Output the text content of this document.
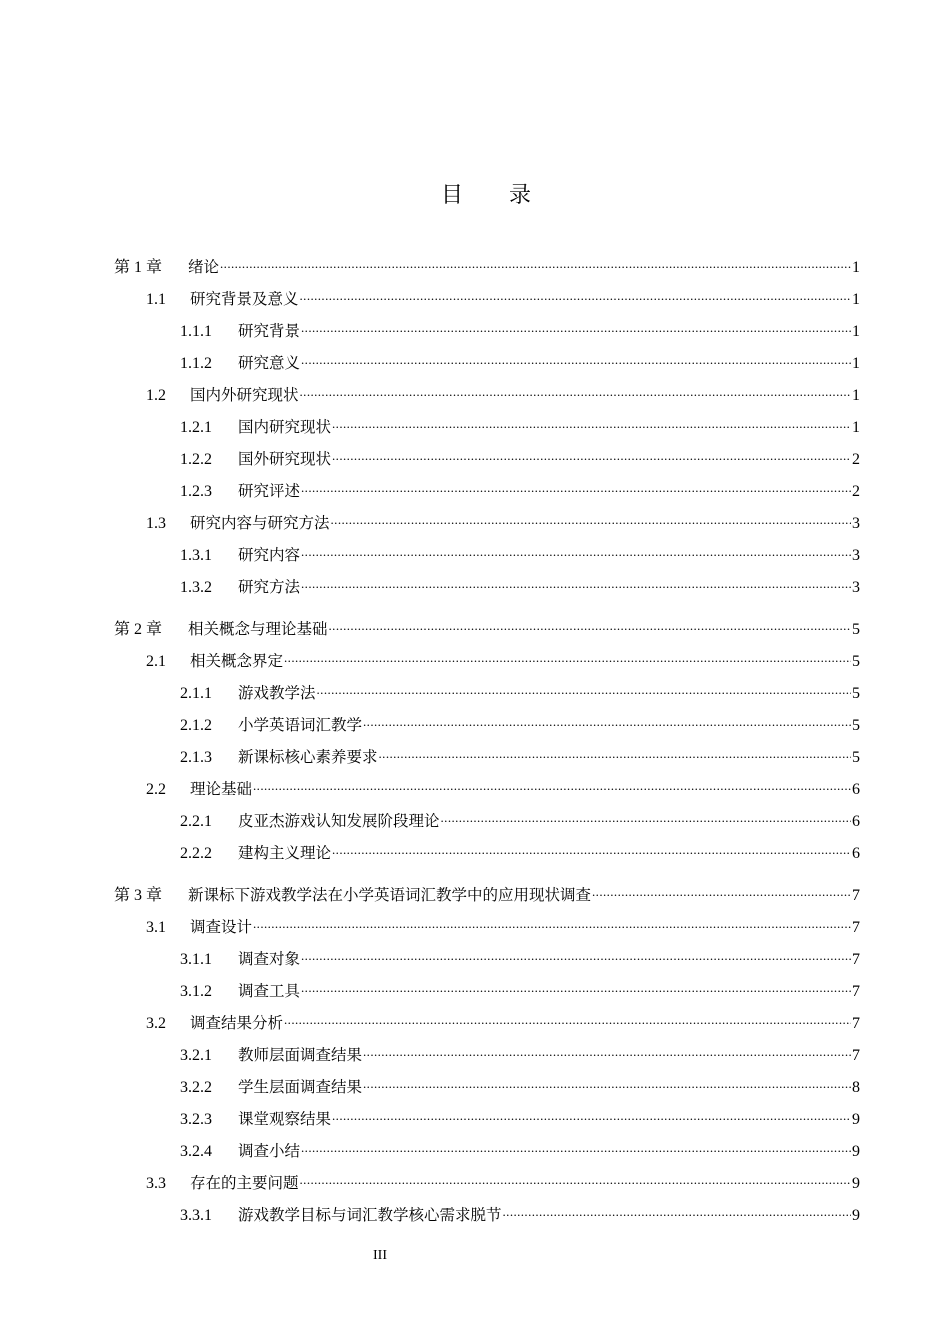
目 录
第 1 章	绪论 .....	1
1.1	研究背景及意义 .....	1
1.1.1	研究背景 .....	1
1.1.2	研究意义 .....	1
1.2	国内外研究现状 .....	1
1.2.1	国内研究现状 .....	1
1.2.2	国外研究现状 .....	2
1.2.3	研究评述 .....	2
1.3	研究内容与研究方法 .....	3
1.3.1	研究内容 .....	3
1.3.2	研究方法 .....	3
第 2 章	相关概念与理论基础 .....	5
2.1	相关概念界定 .....	5
2.1.1	游戏教学法 .....	5
2.1.2	小学英语词汇教学 .....	5
2.1.3	新课标核心素养要求 .....	5
2.2	理论基础 .....	6
2.2.1	皮亚杰游戏认知发展阶段理论 .....	6
2.2.2	建构主义理论 .....	6
第 3 章	新课标下游戏教学法在小学英语词汇教学中的应用现状调查 .....	7
3.1	调查设计 .....	7
3.1.1	调查对象 .....	7
3.1.2	调查工具 .....	7
3.2	调查结果分析 .....	7
3.2.1	教师层面调查结果 .....	7
3.2.2	学生层面调查结果 .....	8
3.2.3	课堂观察结果 .....	9
3.2.4	调查小结 .....	9
3.3	存在的主要问题 .....	9
3.3.1	游戏教学目标与词汇教学核心需求脱节 .....	9
III
